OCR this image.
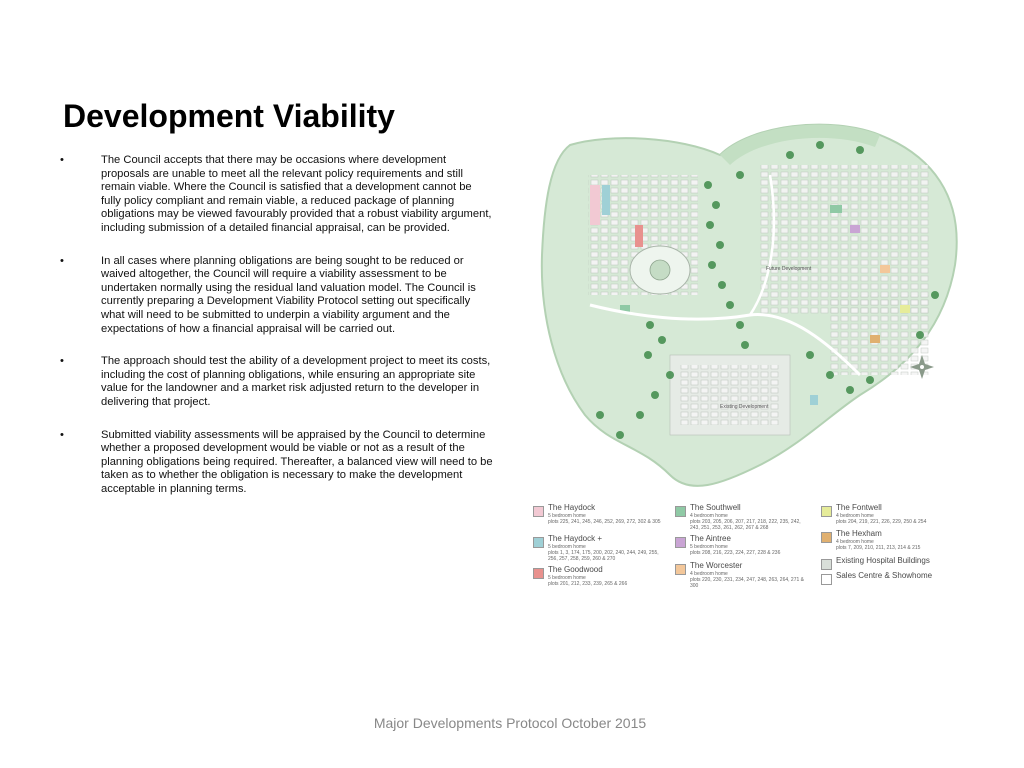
Development Viability
•	The Council accepts that there may be occasions where development proposals are unable to meet all the relevant policy requirements and still remain viable. Where the Council is satisfied that a development cannot be fully policy compliant and remain viable, a reduced package of planning obligations may be viewed favourably provided that a robust viability argument, including submission of a detailed financial appraisal, can be provided.
•	In all cases where planning obligations are being sought to be reduced or waived altogether, the Council will require a viability assessment to be undertaken normally using the residual land valuation model. The Council is currently preparing a Development Viability Protocol setting out specifically what will need to be submitted to underpin a viability argument and the expectations of how a financial appraisal will be carried out.
•	The approach should test the ability of a development project to meet its costs, including the cost of planning obligations, while ensuring an appropriate site value for the landowner and a market risk adjusted return to the developer in delivering that project.
•	Submitted viability assessments will be appraised by the Council to determine whether a proposed development would be viable or not as a result of the planning obligations being required. Thereafter, a balanced view will need to be taken as to whether the obligation is necessary to make the development acceptable in planning terms.
Future Development
Existing Development
The Haydock
5 bedroom home
plots 225, 241, 245, 246, 252, 269, 272, 302 & 305
The Haydock +
5 bedroom home
plots 1, 3, 174, 175, 200, 202, 240, 244, 249, 255, 256, 257, 258, 259, 260 & 270
The Goodwood
5 bedroom home
plots 201, 212, 233, 239, 265 & 266
The Southwell
4 bedroom home
plots 203, 205, 206, 207, 217, 218, 222, 235, 242, 243, 251, 253, 261, 262, 267 & 268
The Aintree
5 bedroom home
plots 208, 216, 223, 224, 227, 228 & 236
The Worcester
4 bedroom home
plots 220, 230, 231, 234, 247, 248, 263, 264, 271 & 300
The Fontwell
4 bedroom home
plots 204, 219, 221, 226, 229, 250 & 254
The Hexham
4 bedroom home
plots 7, 209, 210, 211, 213, 214 & 215
Existing Hospital Buildings
Sales Centre & Showhome
Major Developments Protocol October 2015
